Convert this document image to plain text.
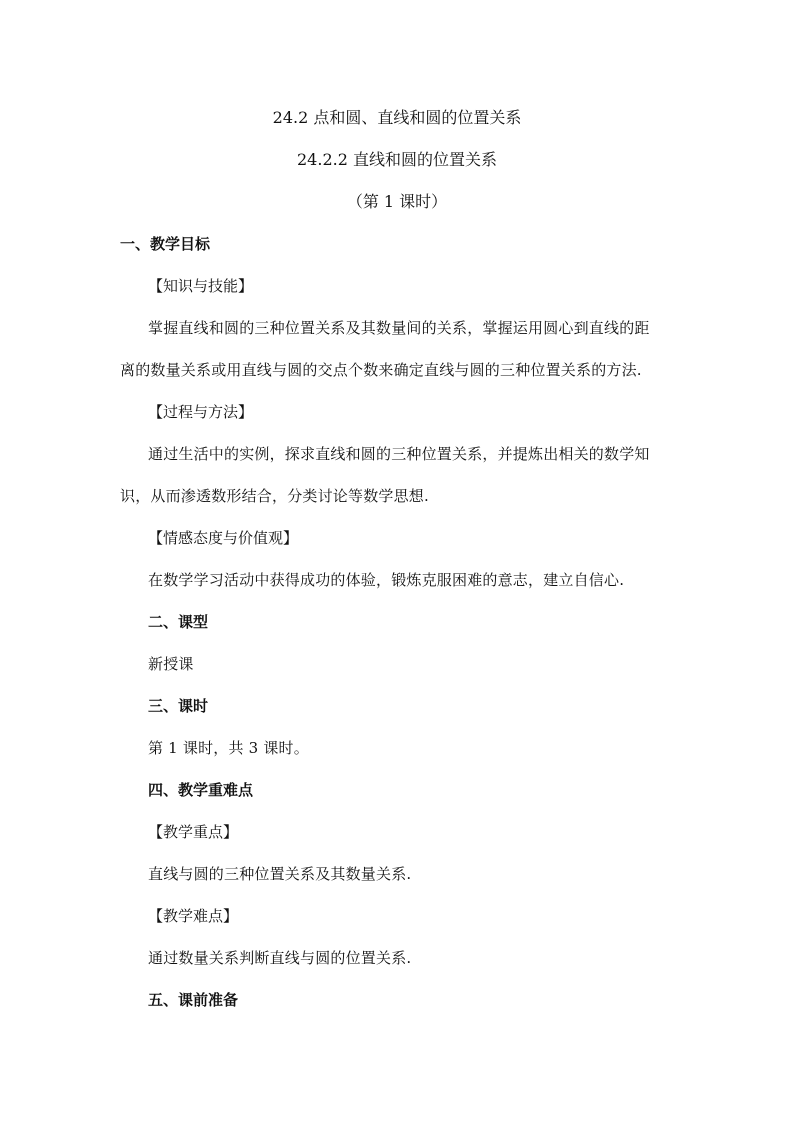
24.2 点和圆、直线和圆的位置关系
24.2.2 直线和圆的位置关系
（第 1 课时）
一、教学目标
【知识与技能】
掌握直线和圆的三种位置关系及其数量间的关系，掌握运用圆心到直线的距
离的数量关系或用直线与圆的交点个数来确定直线与圆的三种位置关系的方法.
【过程与方法】
通过生活中的实例，探求直线和圆的三种位置关系，并提炼出相关的数学知
识，从而渗透数形结合，分类讨论等数学思想.
【情感态度与价值观】
在数学学习活动中获得成功的体验，锻炼克服困难的意志，建立自信心.
二、课型
新授课
三、课时
第 1 课时，共 3 课时。
四、教学重难点
【教学重点】
直线与圆的三种位置关系及其数量关系.
【教学难点】
通过数量关系判断直线与圆的位置关系.
五、课前准备
